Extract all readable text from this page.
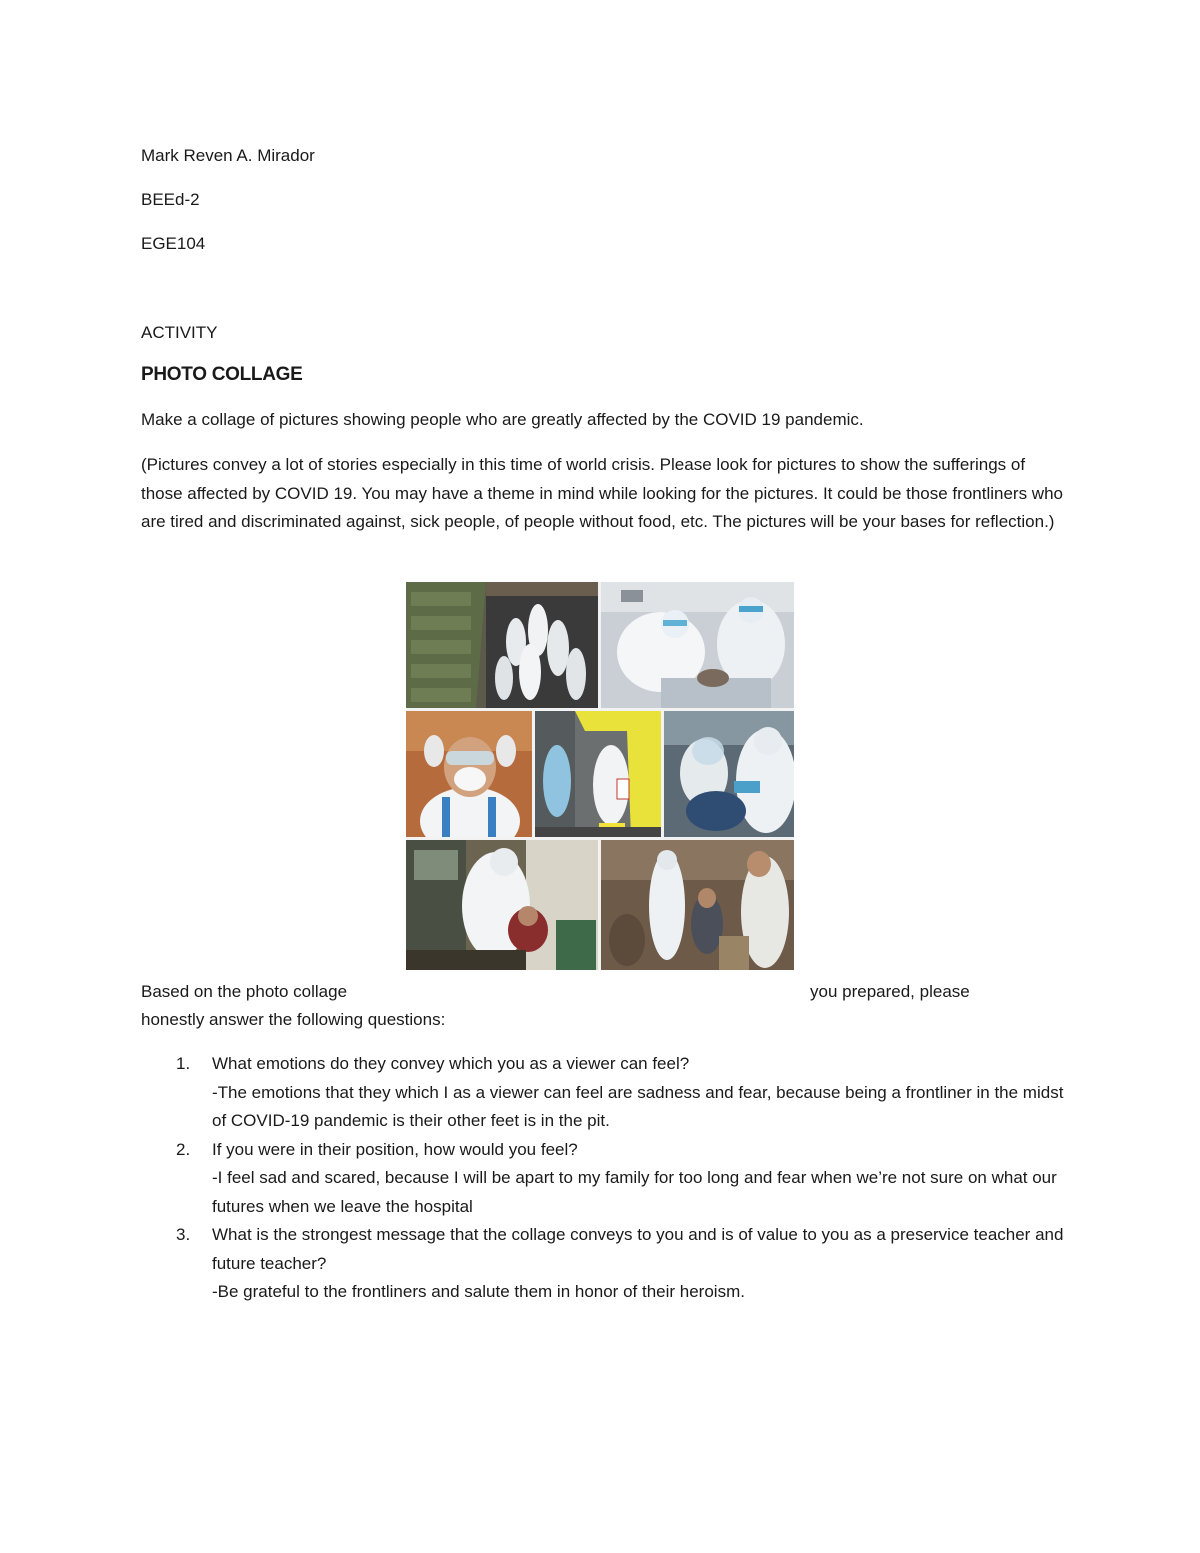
Mark Reven A. Mirador
BEEd-2
EGE104
ACTIVITY
PHOTO COLLAGE
Make a collage of pictures showing people who are greatly affected by the COVID 19 pandemic.
(Pictures convey a lot of stories especially in this time of world crisis. Please look for pictures to show the sufferings of those affected by COVID 19. You may have a theme in mind while looking for the pictures. It could be those frontliners who are tired and discriminated against, sick people, of people without food, etc. The pictures will be your bases for reflection.)
Based on the photo collage	you prepared, please
honestly answer the following questions:
1. What emotions do they convey which you as a viewer can feel?
-The emotions that they which I as a viewer can feel are sadness and fear, because being a frontliner in the midst of COVID-19 pandemic is their other feet is in the pit.
2. If you were in their position, how would you feel?
-I feel sad and scared, because I will be apart to my family for too long and fear when we’re not sure on what our futures when we leave the hospital
3. What is the strongest message that the collage conveys to you and is of value to you as a preservice teacher and future teacher?
-Be grateful to the frontliners and salute them in honor of their heroism.
